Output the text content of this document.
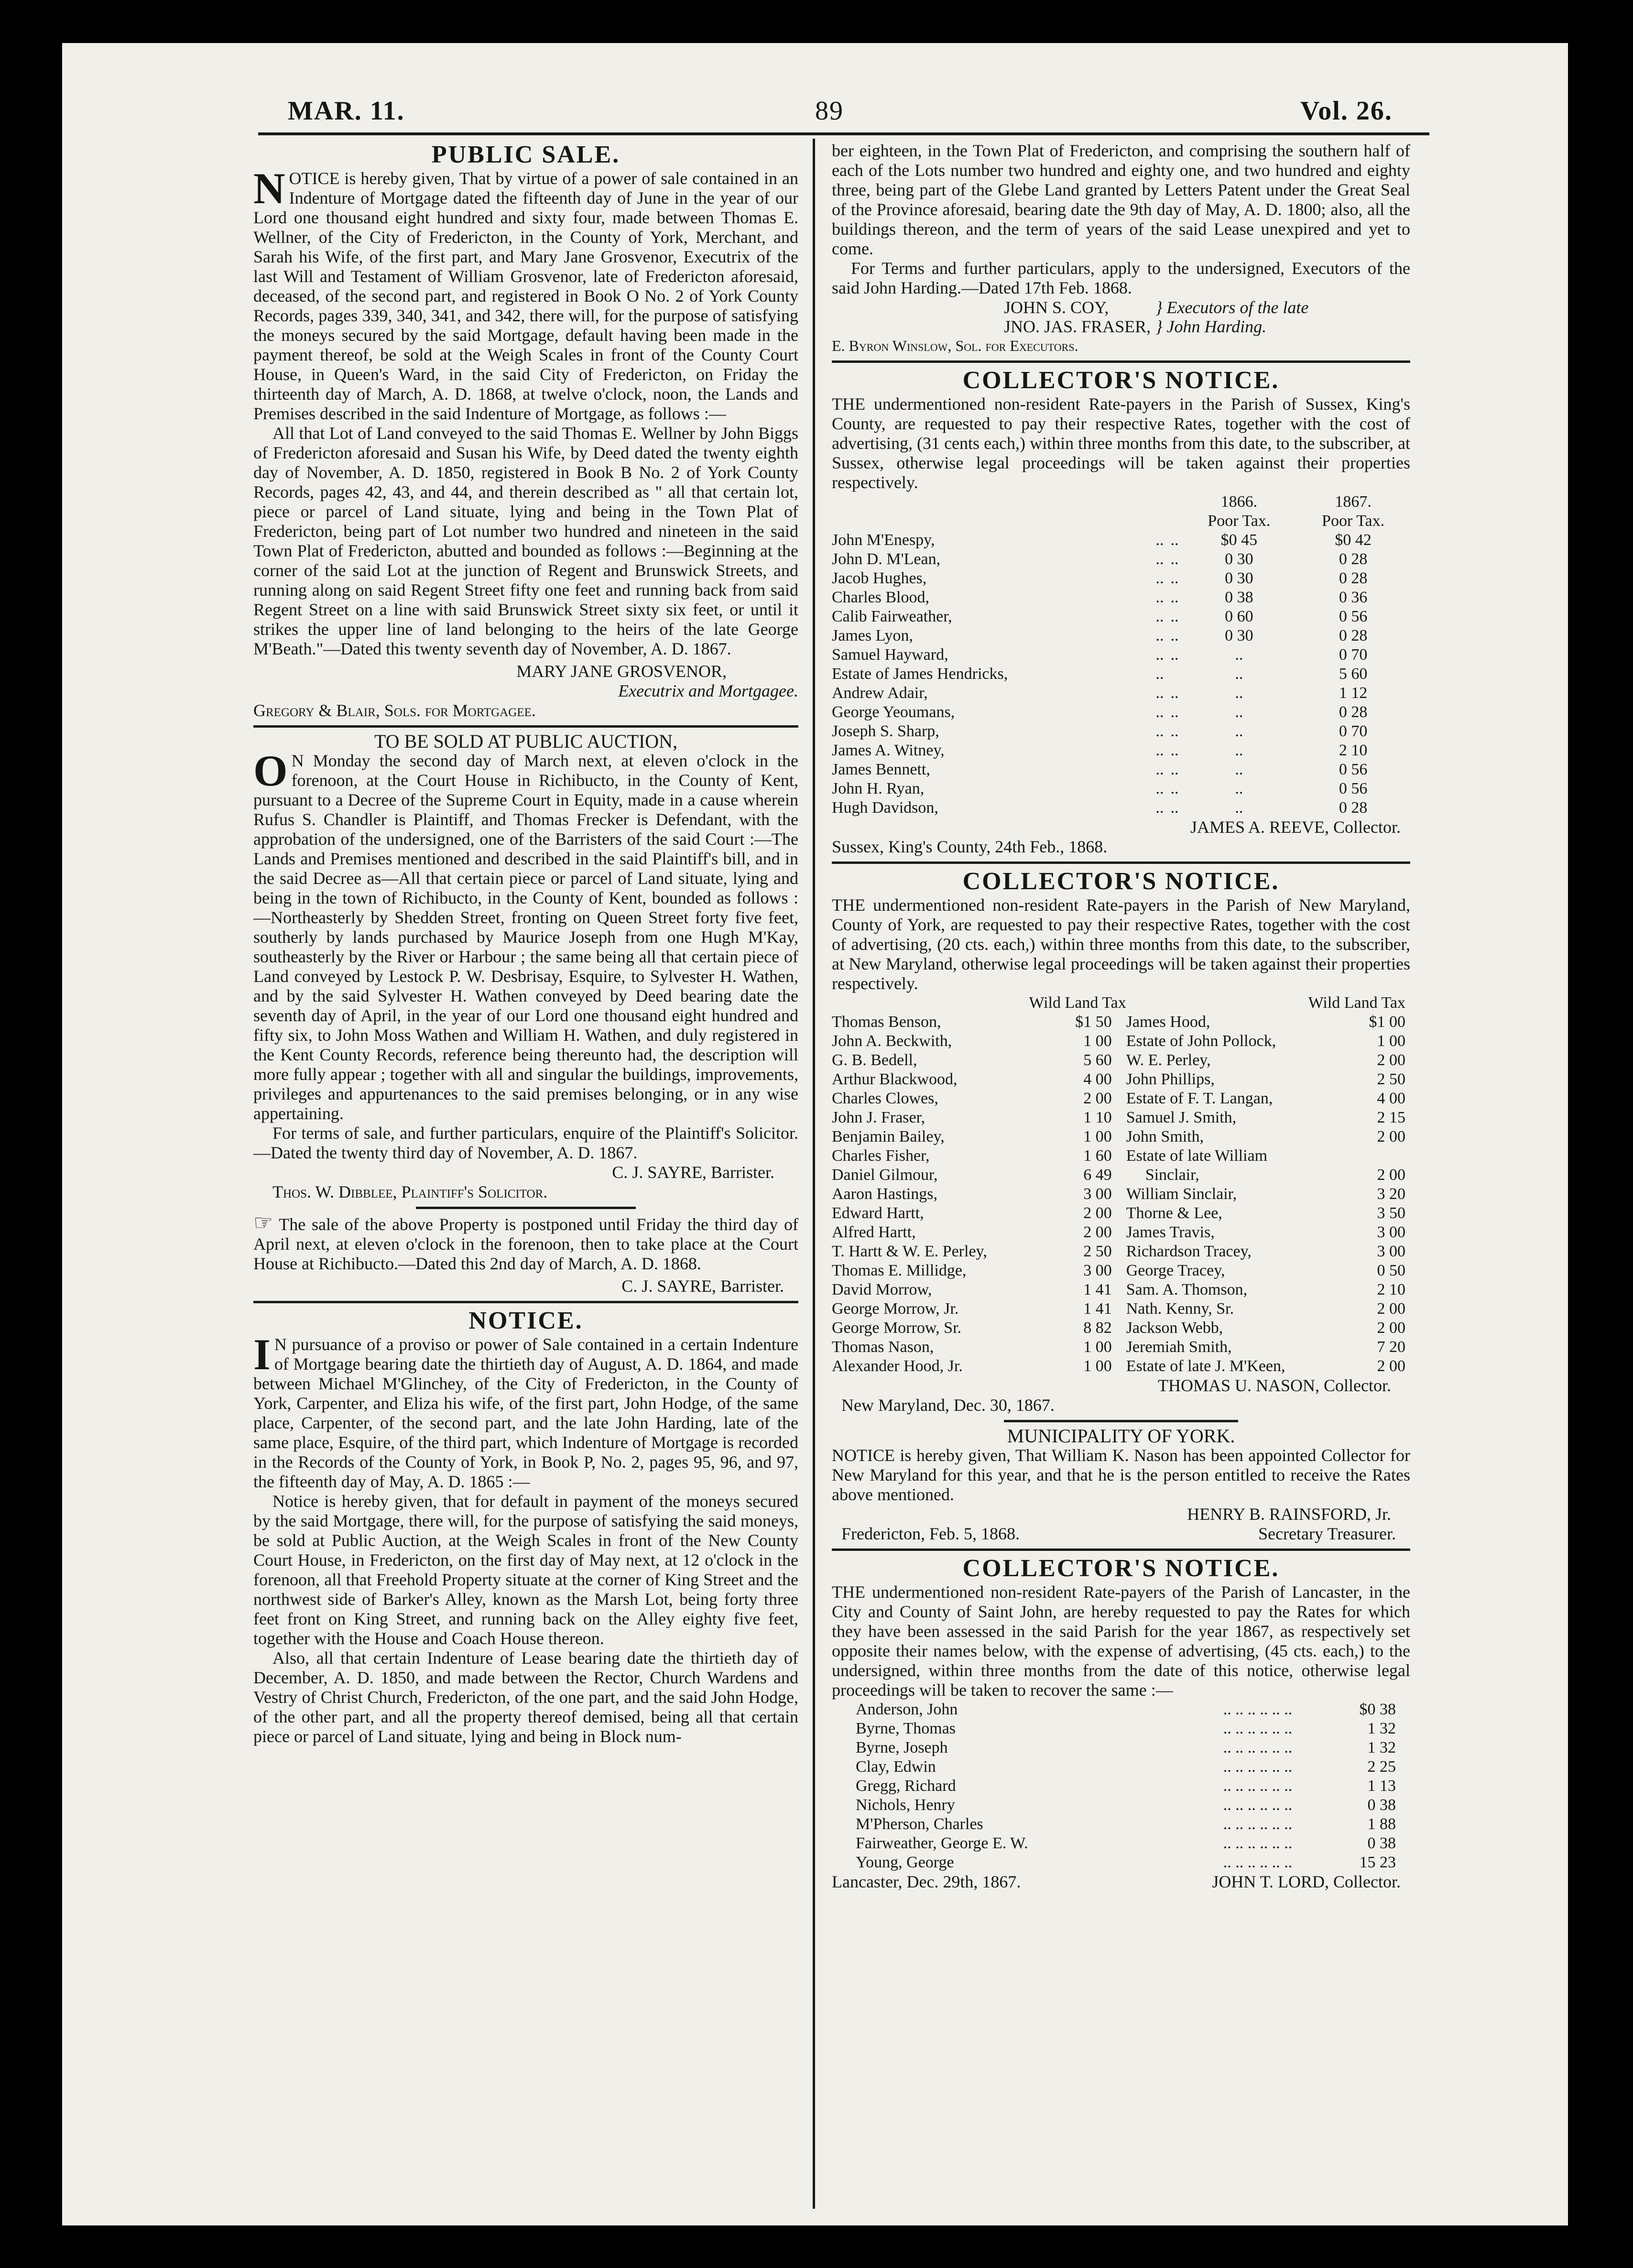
MAR. 11.	89	Vol. 26.
PUBLIC SALE.

NOTICE is hereby given, That by virtue of a power of sale contained in an Indenture of Mortgage dated the fifteenth day of June in the year of our Lord one thousand eight hundred and sixty four, made between Thomas E. Wellner, of the City of Fredericton, in the County of York, Merchant, and Sarah his Wife, of the first part, and Mary Jane Grosvenor, Executrix of the last Will and Testament of William Grosvenor, late of Fredericton aforesaid, deceased, of the second part, and registered in Book O No. 2 of York County Records, pages 339, 340, 341, and 342, there will, for the purpose of satisfying the moneys secured by the said Mortgage, default having been made in the payment thereof, be sold at the Weigh Scales in front of the County Court House, in Queen's Ward, in the said City of Fredericton, on Friday the thirteenth day of March, A. D. 1868, at twelve o'clock, noon, the Lands and Premises described in the said Indenture of Mortgage, as follows :—

All that Lot of Land conveyed to the said Thomas E. Wellner by John Biggs of Fredericton aforesaid and Susan his Wife, by Deed dated the twenty eighth day of November, A. D. 1850, registered in Book B No. 2 of York County Records, pages 42, 43, and 44, and therein described as " all that certain lot, piece or parcel of Land situate, lying and being in the Town Plat of Fredericton, being part of Lot number two hundred and nineteen in the said Town Plat of Fredericton, abutted and bounded as follows :—Beginning at the corner of the said Lot at the junction of Regent and Brunswick Streets, and running along on said Regent Street fifty one feet and running back from said Regent Street on a line with said Brunswick Street sixty six feet, or until it strikes the upper line of land belonging to the heirs of the late George M'Beath."—Dated this twenty seventh day of November, A. D. 1867.

MARY JANE GROSVENOR,
Executrix and Mortgagee.
Gregory & Blair, Sols. for Mortgagee.
TO BE SOLD AT PUBLIC AUCTION,

O N Monday the second day of March next, at eleven o'clock in the forenoon, at the Court House in Richibucto, in the County of Kent, pursuant to a Decree of the Supreme Court in Equity, made in a cause wherein Rufus S. Chandler is Plaintiff, and Thomas Frecker is Defendant, with the approbation of the undersigned, one of the Barristers of the said Court :—The Lands and Premises mentioned and described in the said Plaintiff's bill, and in the said Decree as—All that certain piece or parcel of Land situate, lying and being in the town of Richibucto, in the County of Kent, bounded as follows :—Northeasterly by Shedden Street, fronting on Queen Street forty five feet, southerly by lands purchased by Maurice Joseph from one Hugh M'Kay, southeasterly by the River or Harbour ; the same being all that certain piece of Land conveyed by Lestock P. W. Desbrisay, Esquire, to Sylvester H. Wathen, and by the said Sylvester H. Wathen conveyed by Deed bearing date the seventh day of April, in the year of our Lord one thousand eight hundred and fifty six, to John Moss Wathen and William H. Wathen, and duly registered in the Kent County Records, reference being thereunto had, the description will more fully appear ; together with all and singular the buildings, improvements, privileges and appurtenances to the said premises belonging, or in any wise appertaining.

For terms of sale, and further particulars, enquire of the Plaintiff's Solicitor.—Dated the twenty third day of November, A. D. 1867.

C. J. SAYRE, Barrister.
Thos. W. Dibblee, Plaintiff's Solicitor.

☞ The sale of the above Property is postponed until Friday the third day of April next, at eleven o'clock in the forenoon, then to take place at the Court House at Richibucto.—Dated this 2nd day of March, A. D. 1868.

C. J. SAYRE, Barrister.
NOTICE.

I N pursuance of a proviso or power of Sale contained in a certain Indenture of Mortgage bearing date the thirtieth day of August, A. D. 1864, and made between Michael M'Glinchey, of the City of Fredericton, in the County of York, Carpenter, and Eliza his wife, of the first part, John Hodge, of the same place, Carpenter, of the second part, and the late John Harding, late of the same place, Esquire, of the third part, which Indenture of Mortgage is recorded in the Records of the County of York, in Book P, No. 2, pages 95, 96, and 97, the fifteenth day of May, A. D. 1865 :—

Notice is hereby given, that for default in payment of the moneys secured by the said Mortgage, there will, for the purpose of satisfying the said moneys, be sold at Public Auction, at the Weigh Scales in front of the New County Court House, in Fredericton, on the first day of May next, at 12 o'clock in the forenoon, all that Freehold Property situate at the corner of King Street and the northwest side of Barker's Alley, known as the Marsh Lot, being forty three feet front on King Street, and running back on the Alley eighty five feet, together with the House and Coach House thereon.

Also, all that certain Indenture of Lease bearing date the thirtieth day of December, A. D. 1850, and made between the Rector, Church Wardens and Vestry of Christ Church, Fredericton, of the one part, and the said John Hodge, of the other part, and all the property thereof demised, being all that certain piece or parcel of Land situate, lying and being in Block num-

ber eighteen, in the Town Plat of Fredericton, and comprising the southern half of each of the Lots number two hundred and eighty one, and two hundred and eighty three, being part of the Glebe Land granted by Letters Patent under the Great Seal of the Province aforesaid, bearing date the 9th day of May, A. D. 1800; also, all the buildings thereon, and the term of years of the said Lease unexpired and yet to come.

For Terms and further particulars, apply to the undersigned, Executors of the said John Harding.—Dated 17th Feb. 1868.

JOHN S. COY,	} Executors of the late
JNO. JAS. FRASER,	} John Harding.
E. Byron Winslow, Sol. for Executors.
COLLECTOR'S NOTICE.

THE undermentioned non-resident Rate-payers in the Parish of Sussex, King's County, are requested to pay their respective Rates, together with the cost of advertising, (31 cents each,) within three months from this date, to the subscriber, at Sussex, otherwise legal proceedings will be taken against their properties respectively.

			1866.	1867.
			Poor Tax.	Poor Tax.
John M'Enespy,	..	..	$0 45	$0 42
John D. M'Lean,	..	..	0 30	0 28
Jacob Hughes,	..	..	0 30	0 28
Charles Blood,	..	..	0 38	0 36
Calib Fairweather,	..	..	0 60	0 56
James Lyon,	..	..	0 30	0 28
Samuel Hayward,	..	..	..	0 70
Estate of James Hendricks,	..		..	5 60
Andrew Adair,	..	..	..	1 12
George Yeoumans,	..	..	..	0 28
Joseph S. Sharp,	..	..	..	0 70
James A. Witney,	..	..	..	2 10
James Bennett,	..	..	..	0 56
John H. Ryan,	..	..	..	0 56
Hugh Davidson,	..	..	..	0 28
JAMES A. REEVE, Collector.
Sussex, King's County, 24th Feb., 1868.
COLLECTOR'S NOTICE.

THE undermentioned non-resident Rate-payers in the Parish of New Maryland, County of York, are requested to pay their respective Rates, together with the cost of advertising, (20 cts. each,) within three months from this date, to the subscriber, at New Maryland, otherwise legal proceedings will be taken against their properties respectively.

Wild Land Tax		Wild Land Tax	
Thomas Benson,	$1 50	James Hood,	$1 00
John A. Beckwith,	1 00	Estate of John Pollock,	1 00
G. B. Bedell,	5 60	W. E. Perley,	2 00
Arthur Blackwood,	4 00	John Phillips,	2 50
Charles Clowes,	2 00	Estate of F. T. Langan,	4 00
John J. Fraser,	1 10	Samuel J. Smith,	2 15
Benjamin Bailey,	1 00	John Smith,	2 00
Charles Fisher,	1 60	Estate of late William	
Daniel Gilmour,	6 49	Sinclair,	2 00
Aaron Hastings,	3 00	William Sinclair,	3 20
Edward Hartt,	2 00	Thorne & Lee,	3 50
Alfred Hartt,	2 00	James Travis,	3 00
T. Hartt & W. E. Perley,	2 50	Richardson Tracey,	3 00
Thomas E. Millidge,	3 00	George Tracey,	0 50
David Morrow,	1 41	Sam. A. Thomson,	2 10
George Morrow, Jr.	1 41	Nath. Kenny, Sr.	2 00
George Morrow, Sr.	8 82	Jackson Webb,	2 00
Thomas Nason,	1 00	Jeremiah Smith,	7 20
Alexander Hood, Jr.	1 00	Estate of late J. M'Keen,	2 00
THOMAS U. NASON, Collector.
New Maryland, Dec. 30, 1867.
MUNICIPALITY OF YORK.

NOTICE is hereby given, That William K. Nason has been appointed Collector for New Maryland for this year, and that he is the person entitled to receive the Rates above mentioned.

HENRY B. RAINSFORD, Jr.
Fredericton, Feb. 5, 1868.	Secretary Treasurer.
COLLECTOR'S NOTICE.

THE undermentioned non-resident Rate-payers of the Parish of Lancaster, in the City and County of Saint John, are hereby requested to pay the Rates for which they have been assessed in the said Parish for the year 1867, as respectively set opposite their names below, with the expense of advertising, (45 cts. each,) to the undersigned, within three months from the date of this notice, otherwise legal proceedings will be taken to recover the same :—

Anderson, John	.. .. .. .. .. ..	$0 38
Byrne, Thomas	.. .. .. .. .. ..	1 32
Byrne, Joseph	.. .. .. .. .. ..	1 32
Clay, Edwin	.. .. .. .. .. ..	2 25
Gregg, Richard	.. .. .. .. .. ..	1 13
Nichols, Henry	.. .. .. .. .. ..	0 38
M'Pherson, Charles	.. .. .. .. .. ..	1 88
Fairweather, George E. W.	.. .. .. .. .. ..	0 38
Young, George	.. .. .. .. .. ..	15 23
Lancaster, Dec. 29th, 1867.	JOHN T. LORD, Collector.
